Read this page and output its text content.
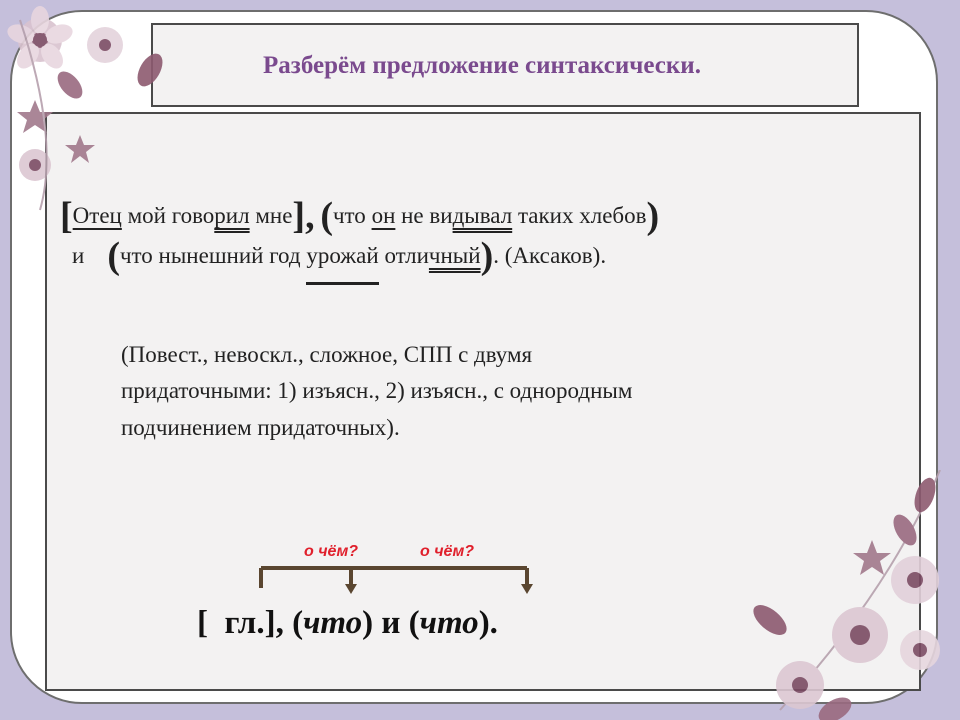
Разберём предложение синтаксически.
[Отец мой говорил мне], (что он не видывал таких хлебов)
и (что нынешний год урожай отличный). (Аксаков).
(Повест., невоскл., сложное, СПП с двумя
придаточными: 1) изъясн., 2) изъясн., с однородным
подчинением придаточных).
о чём?	о чём?
[  гл.], (что) и (что).
